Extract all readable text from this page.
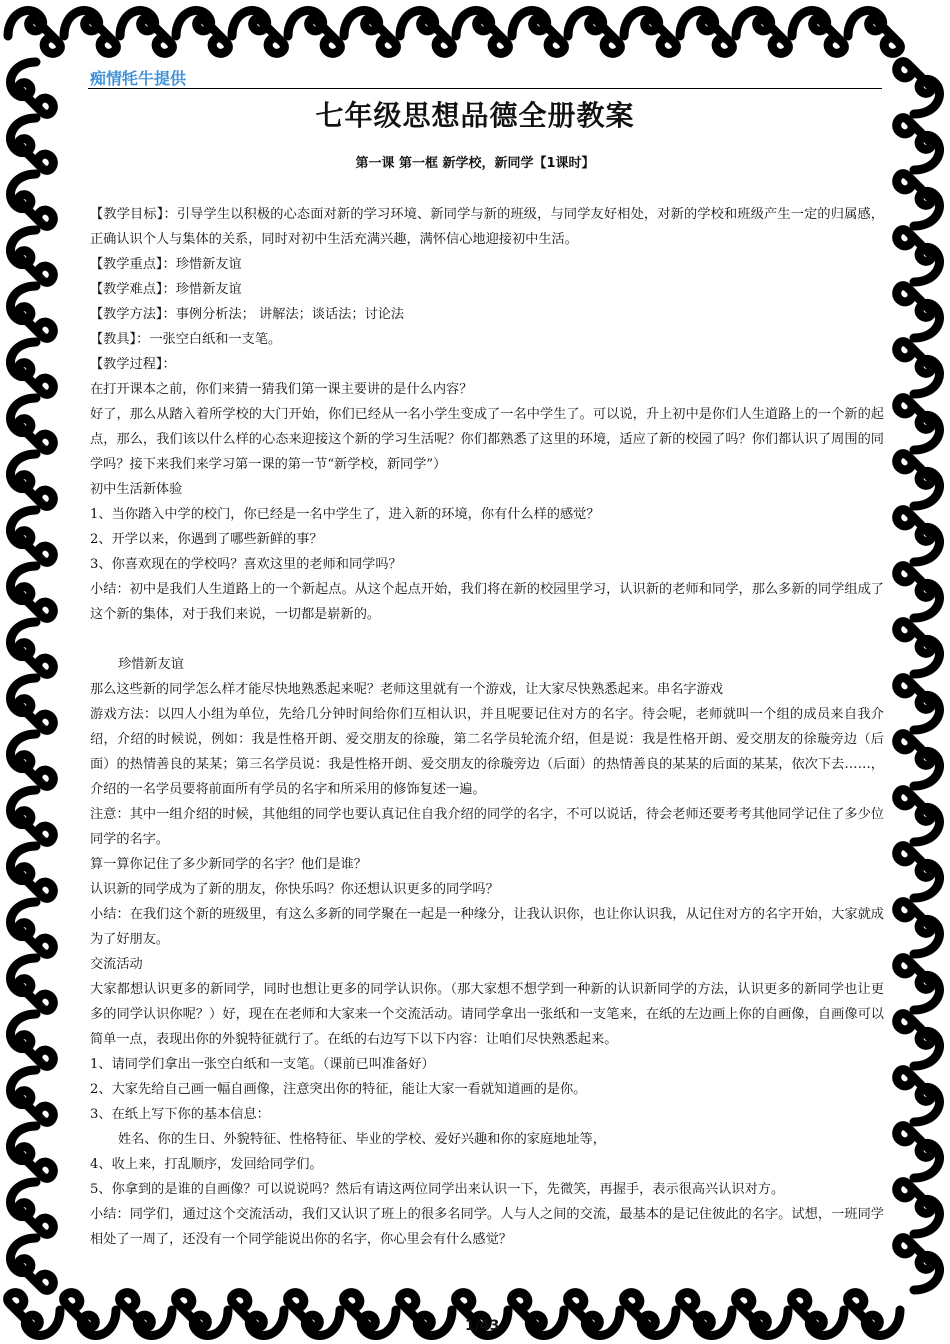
痴情牦牛提供
七年级思想品德全册教案
第一课 第一框 新学校，新同学【1课时】

【教学目标】：引导学生以积极的心态面对新的学习环境、新同学与新的班级，与同学友好相处，对新的学校和班级产生一定的归属感，正确认识个人与集体的关系，同时对初中生活充满兴趣，满怀信心地迎接初中生活。

【教学重点】：珍惜新友谊

【教学难点】：珍惜新友谊

【教学方法】：事例分析法； 讲解法；谈话法；讨论法

【教具】：一张空白纸和一支笔。

【教学过程】：

在打开课本之前，你们来猜一猜我们第一课主要讲的是什么内容？

好了，那么从踏入着所学校的大门开始，你们已经从一名小学生变成了一名中学生了。可以说，升上初中是你们人生道路上的一个新的起点，那么，我们该以什么样的心态来迎接这个新的学习生活呢？你们都熟悉了这里的环境，适应了新的校园了吗？你们都认识了周围的同学吗？接下来我们来学习第一课的第一节“新学校，新同学”）

初中生活新体验

1、当你踏入中学的校门，你已经是一名中学生了，进入新的环境，你有什么样的感觉？

2、开学以来，你遇到了哪些新鲜的事？

3、你喜欢现在的学校吗？喜欢这里的老师和同学吗？

小结：初中是我们人生道路上的一个新起点。从这个起点开始，我们将在新的校园里学习，认识新的老师和同学，那么多新的同学组成了这个新的集体，对于我们来说，一切都是崭新的。

珍惜新友谊

那么这些新的同学怎么样才能尽快地熟悉起来呢？老师这里就有一个游戏，让大家尽快熟悉起来。串名字游戏

游戏方法：以四人小组为单位，先给几分钟时间给你们互相认识，并且呢要记住对方的名字。待会呢，老师就叫一个组的成员来自我介绍，介绍的时候说，例如：我是性格开朗、爱交朋友的徐璇，第二名学员轮流介绍，但是说：我是性格开朗、爱交朋友的徐璇旁边（后面）的热情善良的某某；第三名学员说：我是性格开朗、爱交朋友的徐璇旁边（后面）的热情善良的某某的后面的某某，依次下去……，介绍的一名学员要将前面所有学员的名字和所采用的修饰复述一遍。

注意：其中一组介绍的时候，其他组的同学也要认真记住自我介绍的同学的名字，不可以说话，待会老师还要考考其他同学记住了多少位同学的名字。

算一算你记住了多少新同学的名字？他们是谁？

认识新的同学成为了新的朋友，你快乐吗？你还想认识更多的同学吗？

小结：在我们这个新的班级里，有这么多新的同学聚在一起是一种缘分，让我认识你，也让你认识我，从记住对方的名字开始，大家就成为了好朋友。

交流活动

大家都想认识更多的新同学，同时也想让更多的同学认识你。（那大家想不想学到一种新的认识新同学的方法，认识更多的新同学也让更多的同学认识你呢？）好，现在在老师和大家来一个交流活动。请同学拿出一张纸和一支笔来，在纸的左边画上你的自画像，自画像可以简单一点，表现出你的外貌特征就行了。在纸的右边写下以下内容：让咱们尽快熟悉起来。

1、请同学们拿出一张空白纸和一支笔。（课前已叫准备好）

2、大家先给自己画一幅自画像，注意突出你的特征，能让大家一看就知道画的是你。

3、在纸上写下你的基本信息：

姓名、你的生日、外貌特征、性格特征、毕业的学校、爱好兴趣和你的家庭地址等，

4、收上来，打乱顺序，发回给同学们。

5、你拿到的是谁的自画像？可以说说吗？然后有请这两位同学出来认识一下，先微笑，再握手，表示很高兴认识对方。

小结：同学们，通过这个交流活动，我们又认识了班上的很多名同学。人与人之间的交流，最基本的是记住彼此的名字。试想，一班同学相处了一周了，还没有一个同学能说出你的名字，你心里会有什么感觉？

1/43
